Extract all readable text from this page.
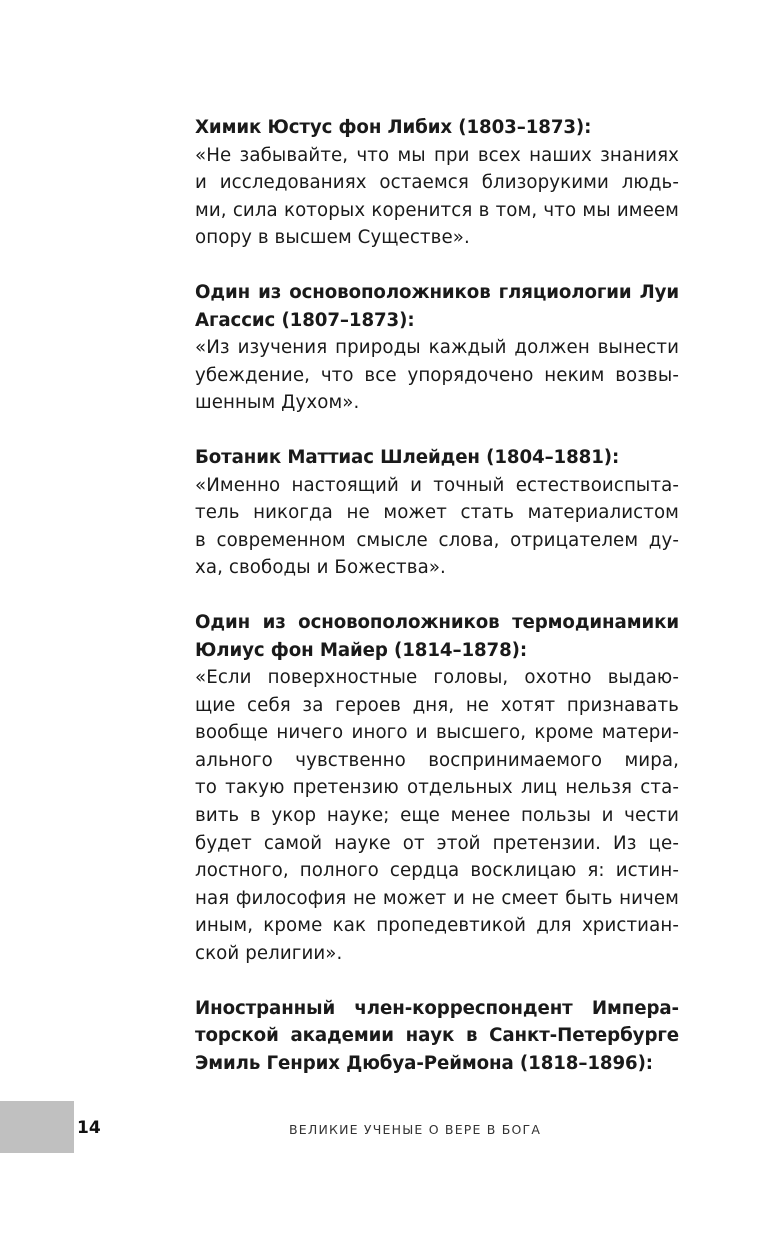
Химик Юстус фон Либих (1803–1873):
«Не забывайте, что мы при всех наших знаниях
и исследованиях остаемся близорукими людь-
ми, сила которых коренится в том, что мы имеем
опору в высшем Существе».
Один из основоположников гляциологии Луи
Агассис (1807–1873):
«Из изучения природы каждый должен вынести
убеждение, что все упорядочено неким возвы-
шенным Духом».
Ботаник Маттиас Шлейден (1804–1881):
«Именно настоящий и точный естествоиспыта-
тель никогда не может стать материалистом
в современном смысле слова, отрицателем ду-
ха, свободы и Божества».
Один из основоположников термодинамики
Юлиус фон Майер (1814–1878):
«Если поверхностные головы, охотно выдаю-
щие себя за героев дня, не хотят признавать
вообще ничего иного и высшего, кроме матери-
ального чувственно воспринимаемого мира,
то такую претензию отдельных лиц нельзя ста-
вить в укор науке; еще менее пользы и чести
будет самой науке от этой претензии. Из це-
лостного, полного сердца восклицаю я: истин-
ная философия не может и не смеет быть ничем
иным, кроме как пропедевтикой для христиан-
ской религии».
Иностранный член-корреспондент Импера-
торской академии наук в Санкт-Петербурге
Эмиль Генрих Дюбуа-Реймона (1818–1896):
14	ВЕЛИКИЕ УЧЕНЫЕ О ВЕРЕ В БОГА
